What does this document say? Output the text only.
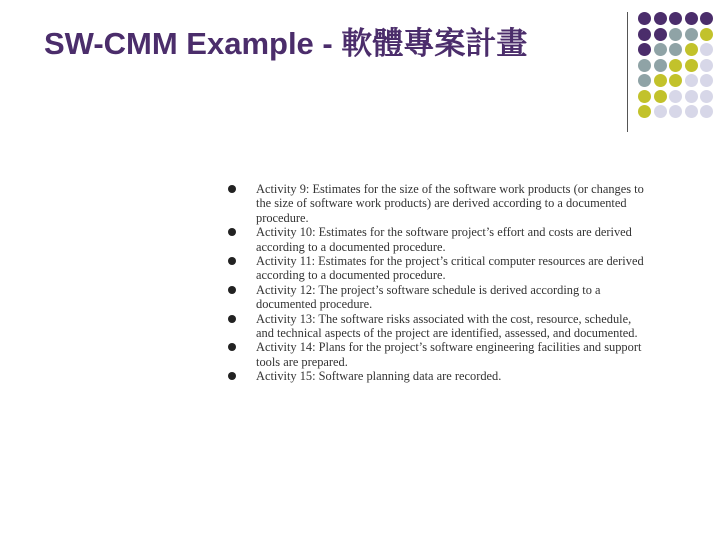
SW-CMM Example - 軟體專案計畫
Activity 9: Estimates for the size of the software work products (or changes to the size of software work products) are derived according to a documented procedure.
Activity 10: Estimates for the software project’s effort and costs are derived according to a documented procedure.
Activity 11: Estimates for the project’s critical computer resources are derived according to a documented procedure.
Activity 12: The project’s software schedule is derived according to a documented procedure.
Activity 13: The software risks associated with the cost, resource, schedule, and technical aspects of the project are identified, assessed, and documented.
Activity 14: Plans for the project’s software engineering facilities and support tools are prepared.
Activity 15: Software planning data are recorded.
